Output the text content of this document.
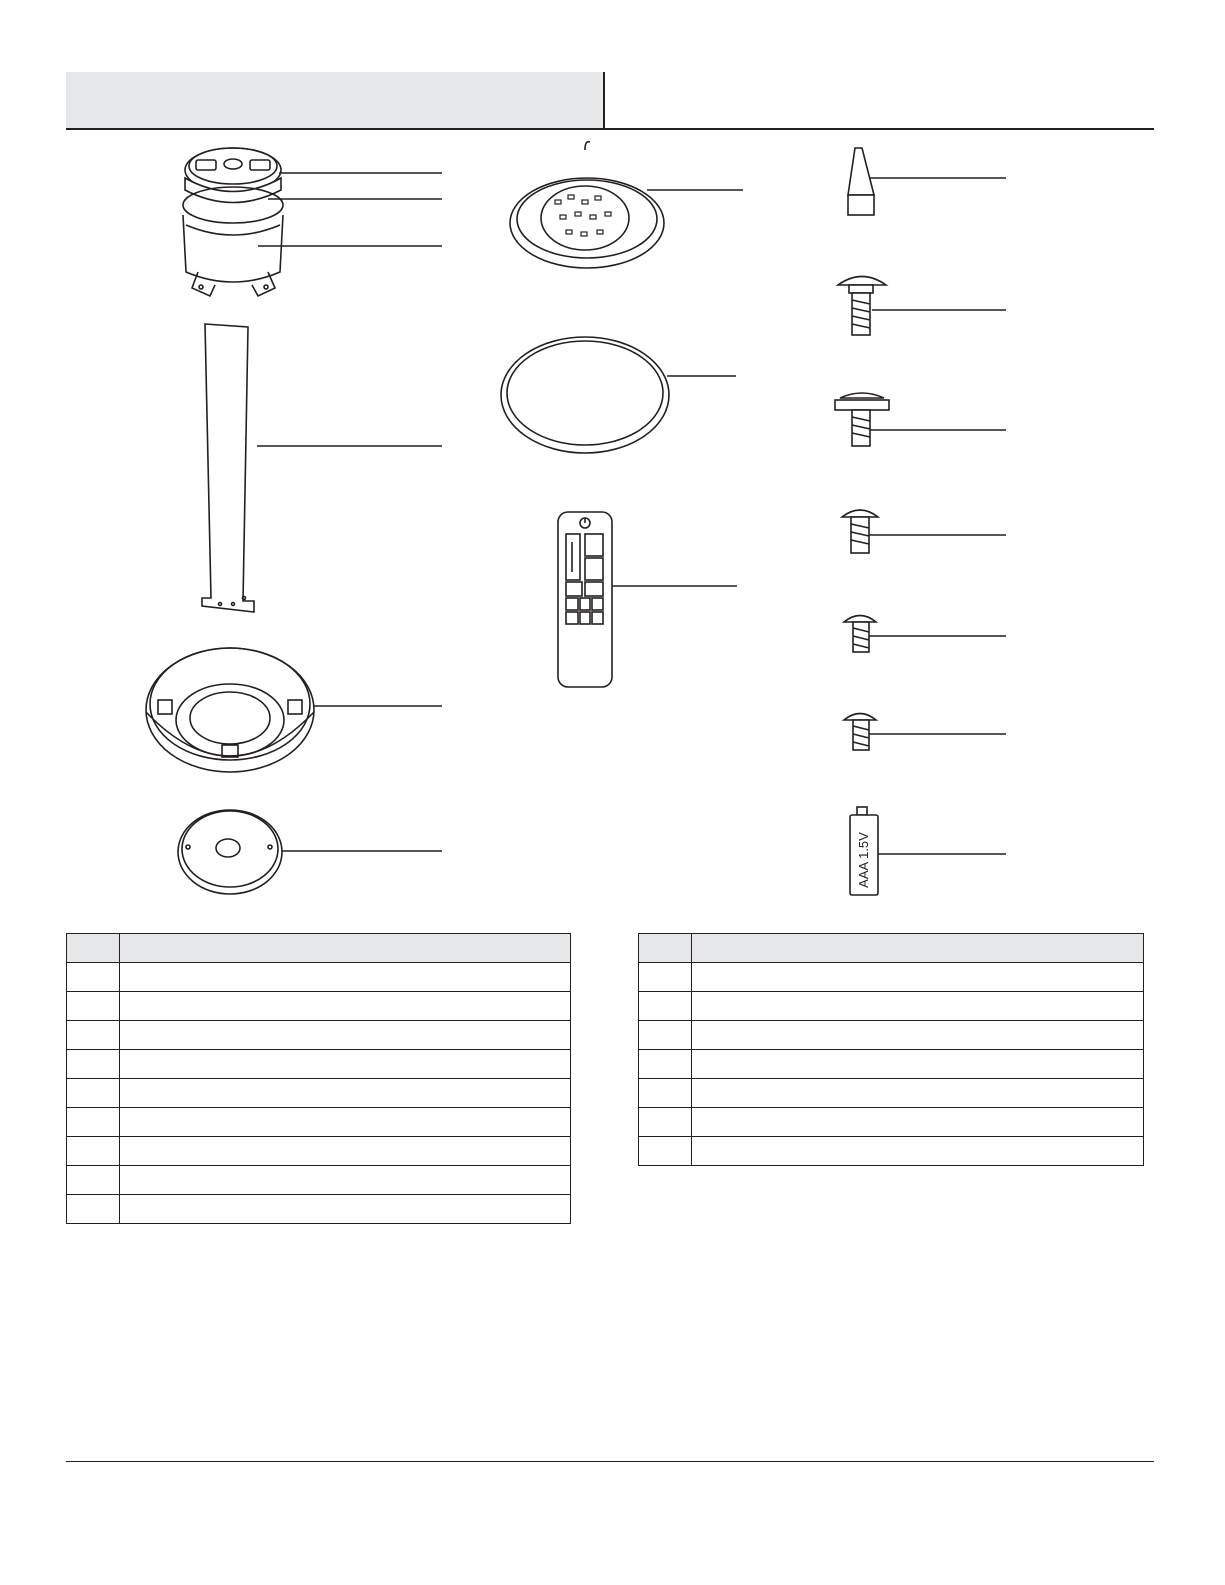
AAA 1.5V
